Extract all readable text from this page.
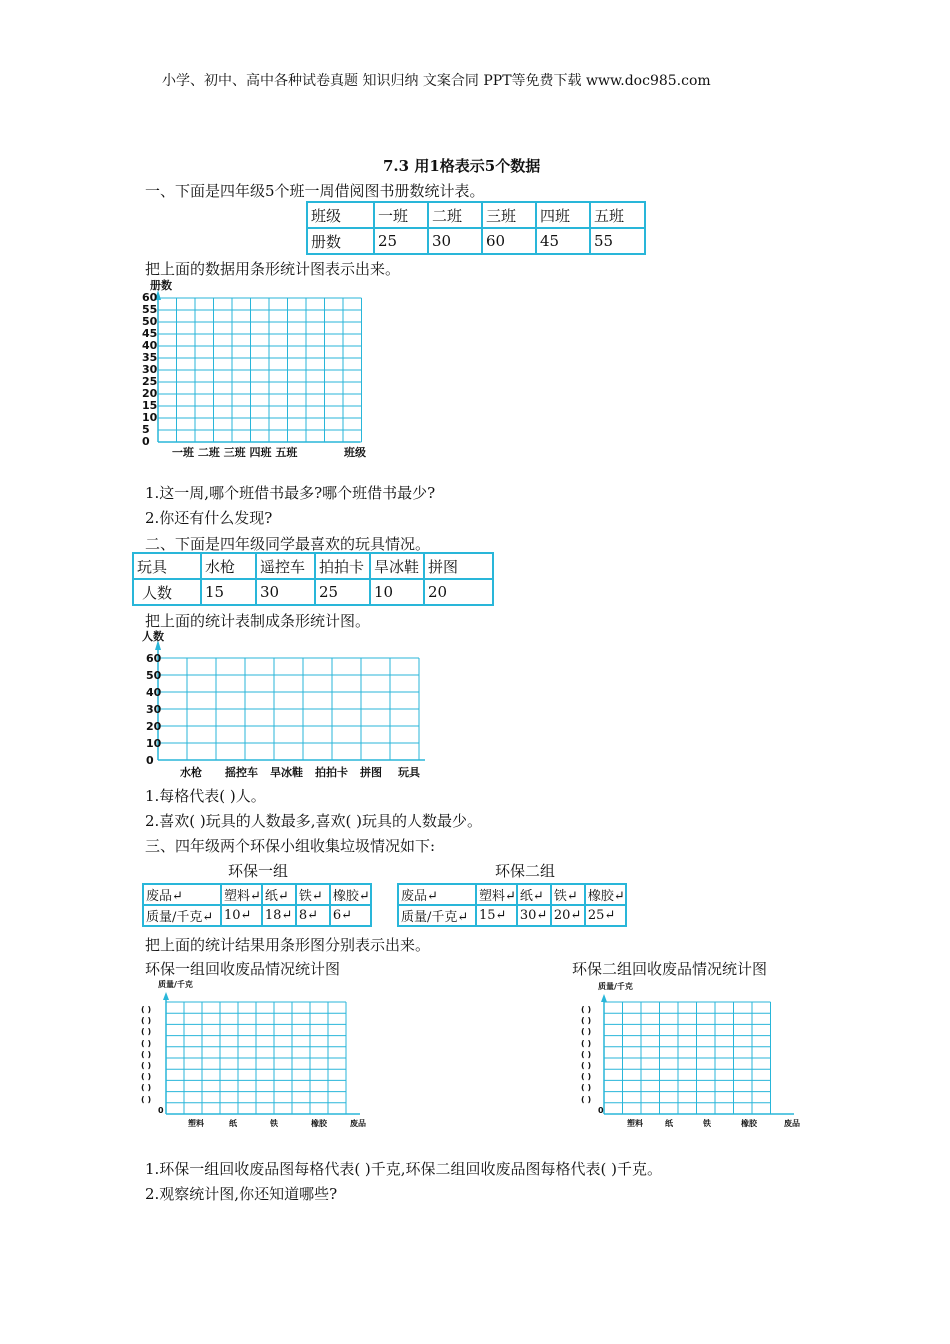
小学、初中、高中各种试卷真题 知识归纳 文案合同 PPT等免费下载 www.doc985.com
7.3 用1格表示5个数据
一、下面是四年级5个班一周借阅图书册数统计表。
班级	一班	二班	三班	四班	五班
册数	25	30	60	45	55
把上面的数据用条形统计图表示出来。
册数
60
55
50
45
40
35
30
25
20
15
10
5
0
一班 二班 三班 四班 五班	班级
1.这一周,哪个班借书最多?哪个班借书最少?
2.你还有什么发现?
二、下面是四年级同学最喜欢的玩具情况。
玩具	水枪	遥控车	拍拍卡	旱冰鞋	拼图
人数	15	30	25	10	20
把上面的统计表制成条形统计图。
人数
60
50
40
30
20
10
0
水枪 摇控车 旱冰鞋 拍拍卡 拼图 玩具
1.每格代表( )人。
2.喜欢( )玩具的人数最多,喜欢( )玩具的人数最少。
三、四年级两个环保小组收集垃圾情况如下:
环保一组	环保二组
废品↵	塑料↵	纸↵	铁↵	橡胶↵
质量/千克↵	10↵	18↵	8↵	6↵
废品↵	塑料↵	纸↵	铁↵	橡胶↵
质量/千克↵	15↵	30↵	20↵	25↵
把上面的统计结果用条形图分别表示出来。
环保一组回收废品情况统计图	环保二组回收废品情况统计图
质量/千克
( )
( )
( )
( )
( )
( )
( )
( )
( )
0
塑料	纸	铁	橡胶	废品
质量/千克
( )
( )
( )
( )
( )
( )
( )
( )
( )
0
塑料	纸	铁	橡胶	废品
1.环保一组回收废品图每格代表( )千克,环保二组回收废品图每格代表( )千克。
2.观察统计图,你还知道哪些?
